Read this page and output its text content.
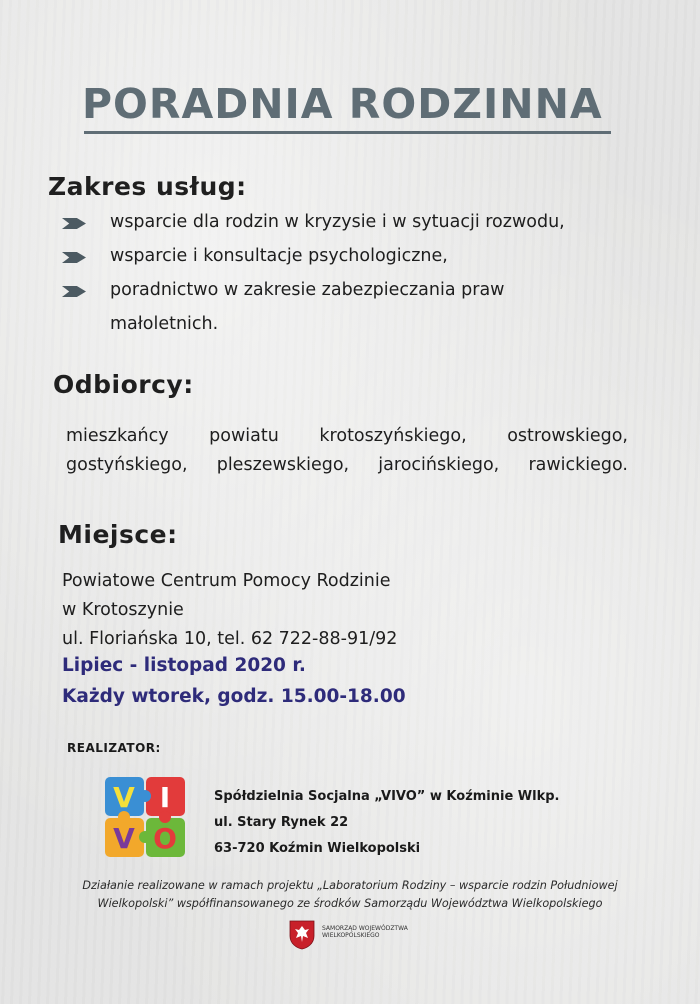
PORADNIA RODZINNA
Zakres usług:
wsparcie dla rodzin w kryzysie i w sytuacji rozwodu,
wsparcie i konsultacje psychologiczne,
poradnictwo w zakresie zabezpieczania praw małoletnich.
Odbiorcy:
mieszkańcy powiatu krotoszyńskiego, ostrowskiego, gostyńskiego, pleszewskiego, jarocińskiego, rawickiego.
Miejsce:
Powiatowe Centrum Pomocy Rodzinie
w Krotoszynie
ul. Floriańska 10, tel. 62 722-88-91/92
Lipiec - listopad 2020 r.
Każdy wtorek, godz. 15.00-18.00
REALIZATOR:
V I
V O
Spółdzielnia Socjalna „VIVO” w Koźminie Wlkp.
ul. Stary Rynek 22
63-720 Koźmin Wielkopolski
Działanie realizowane w ramach projektu „Laboratorium Rodziny – wsparcie rodzin Południowej
Wielkopolski” współfinansowanego ze środków Samorządu Województwa Wielkopolskiego
SAMORZĄD WOJEWÓDZTWA
WIELKOPOLSKIEGO
